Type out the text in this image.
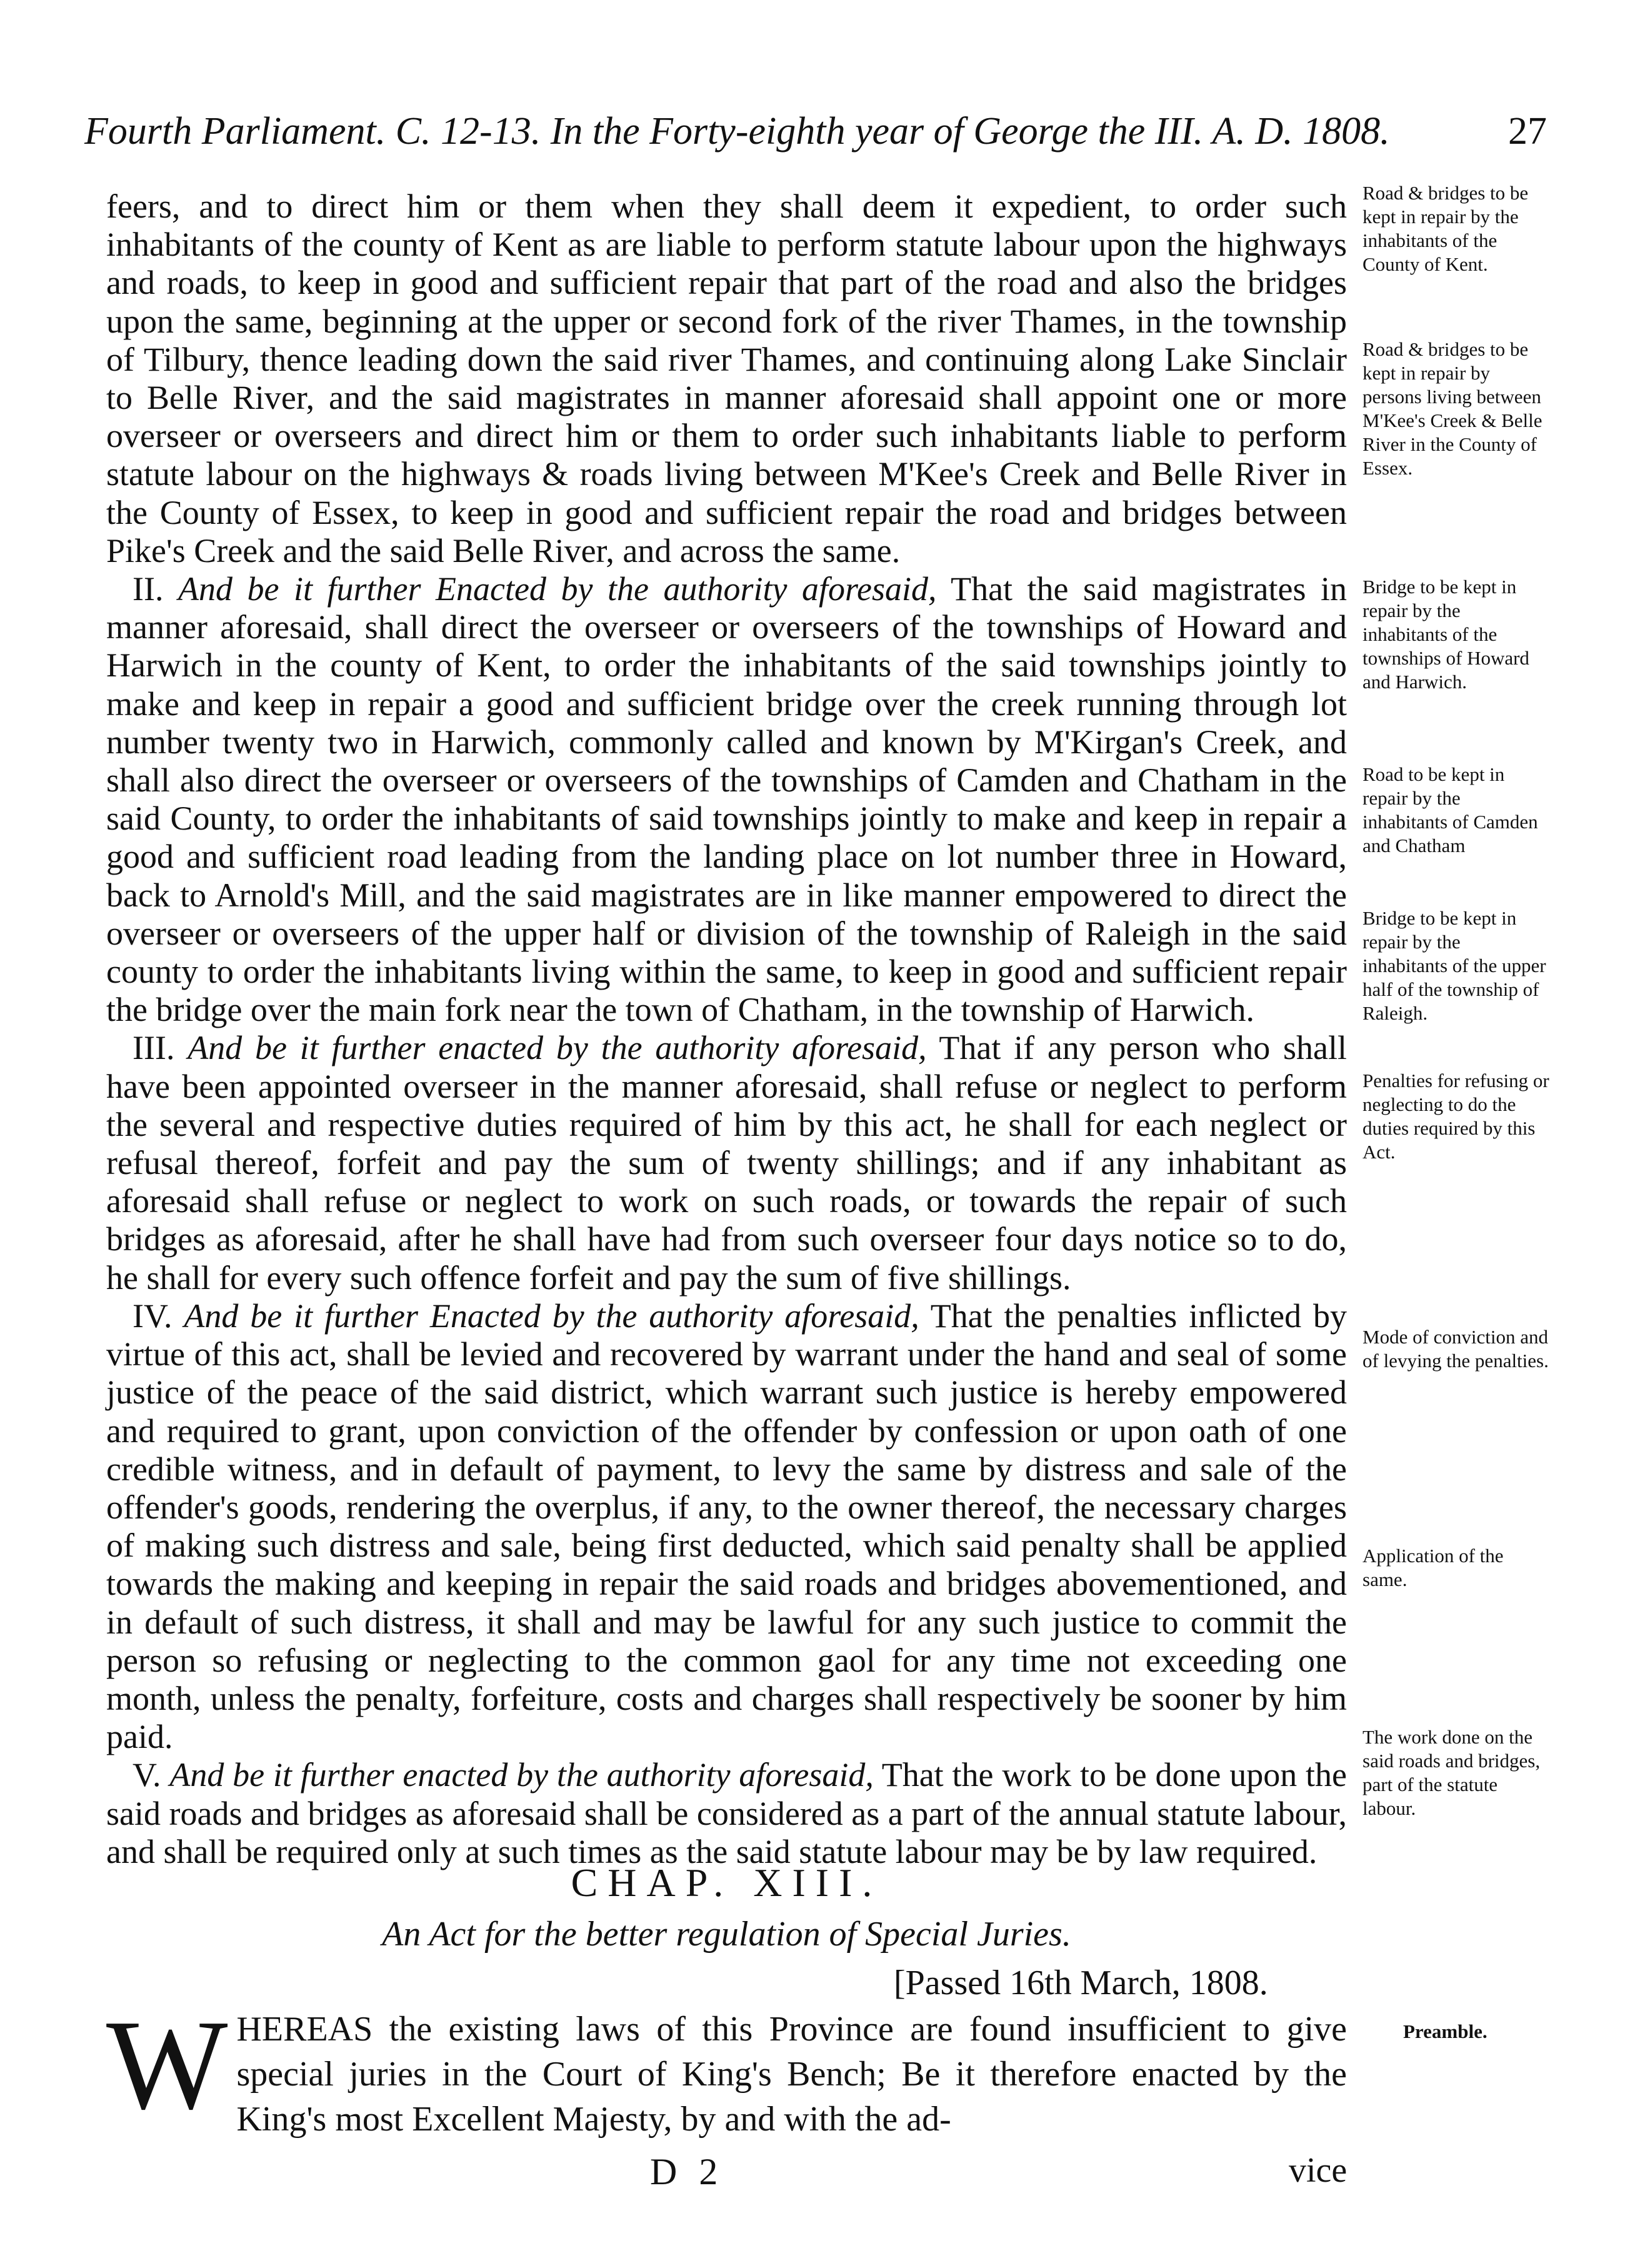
Fourth Parliament. C. 12-13. In the Forty-eighth year of George the III. A. D. 1808.	27

feers, and to direct him or them when they shall deem it expedient, to order such inhabitants of the county of Kent as are liable to perform statute labour upon the highways and roads, to keep in good and sufficient repair that part of the road and also the bridges upon the same, beginning at the upper or second fork of the river Thames, in the township of Tilbury, thence leading down the said river Thames, and continuing along Lake Sinclair to Belle River, and the said magistrates in manner aforesaid shall appoint one or more overseer or overseers and direct him or them to order such inhabitants liable to perform statute labour on the highways & roads living between M'Kee's Creek and Belle River in the County of Essex, to keep in good and sufficient repair the road and bridges between Pike's Creek and the said Belle River, and across the same.

II. And be it further Enacted by the authority aforesaid, That the said magistrates in manner aforesaid, shall direct the overseer or overseers of the townships of Howard and Harwich in the county of Kent, to order the inhabitants of the said townships jointly to make and keep in repair a good and sufficient bridge over the creek running through lot number twenty two in Harwich, commonly called and known by M'Kirgan's Creek, and shall also direct the overseer or overseers of the townships of Camden and Chatham in the said County, to order the inhabitants of said townships jointly to make and keep in repair a good and sufficient road leading from the landing place on lot number three in Howard, back to Arnold's Mill, and the said magistrates are in like manner empowered to direct the overseer or overseers of the upper half or division of the township of Raleigh in the said county to order the inhabitants living within the same, to keep in good and sufficient repair the bridge over the main fork near the town of Chatham, in the township of Harwich.

III. And be it further enacted by the authority aforesaid, That if any person who shall have been appointed overseer in the manner aforesaid, shall refuse or neglect to perform the several and respective duties required of him by this act, he shall for each neglect or refusal thereof, forfeit and pay the sum of twenty shillings; and if any inhabitant as aforesaid shall refuse or neglect to work on such roads, or towards the repair of such bridges as aforesaid, after he shall have had from such overseer four days notice so to do, he shall for every such offence forfeit and pay the sum of five shillings.

IV. And be it further Enacted by the authority aforesaid, That the penalties inflicted by virtue of this act, shall be levied and recovered by warrant under the hand and seal of some justice of the peace of the said district, which warrant such justice is hereby empowered and required to grant, upon conviction of the offender by confession or upon oath of one credible witness, and in default of payment, to levy the same by distress and sale of the offender's goods, rendering the overplus, if any, to the owner thereof, the necessary charges of making such distress and sale, being first deducted, which said penalty shall be applied towards the making and keeping in repair the said roads and bridges abovementioned, and in default of such distress, it shall and may be lawful for any such justice to commit the person so refusing or neglecting to the common gaol for any time not exceeding one month, unless the penalty, forfeiture, costs and charges shall respectively be sooner by him paid.

V. And be it further enacted by the authority aforesaid, That the work to be done upon the said roads and bridges as aforesaid shall be considered as a part of the annual statute labour, and shall be required only at such times as the said statute labour may be by law required.

Road & bridges to be kept in repair by the inhabitants of the County of Kent.

Road & bridges to be kept in repair by persons living between M'Kee's Creek & Belle River in the County of Essex.

Bridge to be kept in repair by the inhabitants of the townships of Howard and Harwich.

Road to be kept in repair by the inhabitants of Camden and Chatham

Bridge to be kept in repair by the inhabitants of the upper half of the township of Raleigh.

Penalties for refusing or neglecting to do the duties required by this Act.

Mode of conviction and of levying the penalties.

Application of the same.

The work done on the said roads and bridges, part of the statute labour.

CHAP. XIII.
An Act for the better regulation of Special Juries.
[Passed 16th March, 1808.
W HEREAS the existing laws of this Province are found insufficient to give special juries in the Court of King's Bench; Be it therefore enacted by the King's most Excellent Majesty, by and with the ad-

Preamble.
D 2	vice
